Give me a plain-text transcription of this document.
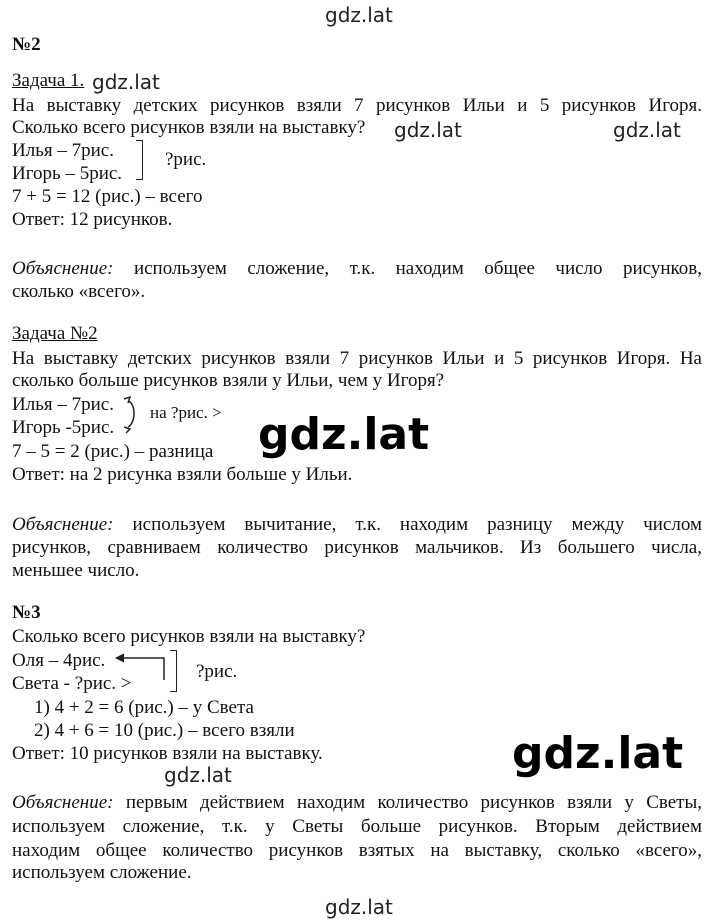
gdz.lat
gdz.lat
gdz.lat	gdz.lat
gdz.lat
gdz.lat
gdz.lat
gdz.lat
№2
Задача 1.
На выставку детских рисунков взяли 7 рисунков Ильи и 5 рисунков Игоря.
Сколько всего рисунков взяли на выставку?
Илья – 7рис.
Игорь – 5рис.
?рис.
7 + 5 = 12 (рис.) – всего
Ответ: 12 рисунков.
Объяснение: используем сложение, т.к. находим общее число рисунков,
сколько «всего».
Задача №2
На выставку детских рисунков взяли 7 рисунков Ильи и 5 рисунков Игоря. На
сколько больше рисунков взяли у Ильи, чем у Игоря?
Илья – 7рис.
Игорь -5рис.
на ?рис. >
7 – 5 = 2 (рис.) – разница
Ответ: на 2 рисунка взяли больше у Ильи.
Объяснение: используем вычитание, т.к. находим разницу между числом
рисунков, сравниваем количество рисунков мальчиков. Из большего числа,
меньшее число.
№3
Сколько всего рисунков взяли на выставку?
Оля – 4рис.
Света - ?рис. >
?рис.
1) 4 + 2 = 6 (рис.) – у Света
2) 4 + 6 = 10 (рис.) – всего взяли
Ответ: 10 рисунков взяли на выставку.
Объяснение: первым действием находим количество рисунков взяли у Светы,
используем сложение, т.к. у Светы больше рисунков. Вторым действием
находим общее количество рисунков взятых на выставку, сколько «всего»,
используем сложение.
